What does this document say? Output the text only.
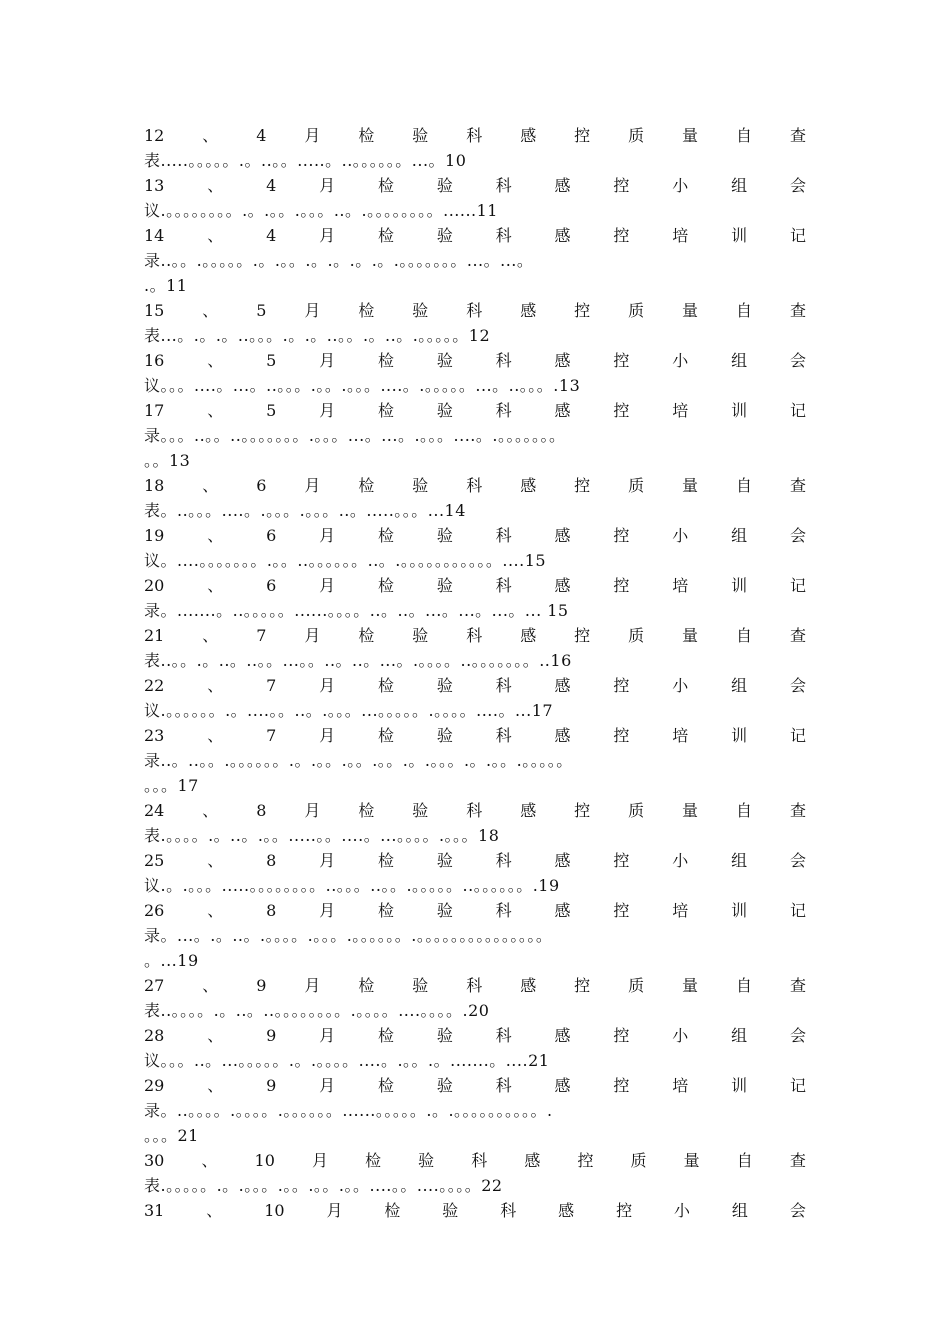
12 、 4 月 检 验 科 感 控 质 量 自 查
表.....。。。。。.。..。。.....。..。。。。。。...。10
13	、	4	月	检	验	科	感	控	小	组	会
议.。。。。。。。。.。.。。.。。。..。.。。。。。。。。......11
14	、	4	月	检	验	科	感	控	培	训	记
录..。。.。。。。。.。.。。.。.。.。.。.。。。。。。。...。...。
.。11
15 、 5 月 检 验 科 感 控 质 量 自 查
表...。.。.。..。。。.。.。..。。.。..。.。。。。。12
16	、	5	月	检	验	科	感	控	小	组	会
议。。。....。...。..。。。.。。.。。。....。.。。。。。...。..。。。.13
17	、	5	月	检	验	科	感	控	培	训	记
录。。。..。。..。。。。。。。.。。。...。...。.。。。....。.。。。。。。。
。。13
18 、 6 月 检 验 科 感 控 质 量 自 查
表。..。。。....。.。。。.。。。..。.....。。。...14
19	、	6	月	检	验	科	感	控	小	组	会
议。....。。。。。。。.。。..。。。。。。..。.。。。。。。。。。。。....15
20	、	6	月	检	验	科	感	控	培	训	记
录。.......。..。。。。。......。。。。..。..。...。...。...。... 15
21 、 7 月 检 验 科 感 控 质 量 自 查
表..。。.。..。..。。...。。..。..。...。.。。。。..。。。。。。。..16
22	、	7	月	检	验	科	感	控	小	组	会
议.。。。。。。.。....。。..。.。。。...。。。。。.。。。。....。...17
23	、	7	月	检	验	科	感	控	培	训	记
录..。..。。.。。。。。。.。.。。.。。.。。.。.。。。.。.。。.。。。。。
。。。17
24 、 8 月 检 验 科 感 控 质 量 自 查
表.。。。。.。..。.。。.....。。....。...。。。。.。。。18
25	、	8	月	检	验	科	感	控	小	组	会
议.。.。。。.....。。。。。。。。..。。。..。。.。。。。。..。。。。。。.19
26	、	8	月	检	验	科	感	控	培	训	记
录。...。.。..。.。。。。.。。。.。。。。。。.。。。。。。。。。。。。。。。
。...19
27 、 9 月 检 验 科 感 控 质 量 自 查
表..。。。。.。..。..。。。。。。。。.。。。。....。。。。.20
28	、	9	月	检	验	科	感	控	小	组	会
议。。。..。...。。。。。.。.。。。。....。.。。.。.......。....21
29	、	9	月	检	验	科	感	控	培	训	记
录。..。。。。.。。。。.。。。。。。......。。。。。.。.。。。。。。。。。。.
。。。21
30 、 10 月 检 验 科 感 控 质 量 自 查
表.。。。。。.。.。。。.。。.。。.。。....。。....。。。。22
31	、	10	月	检	验	科	感	控	小	组	会
